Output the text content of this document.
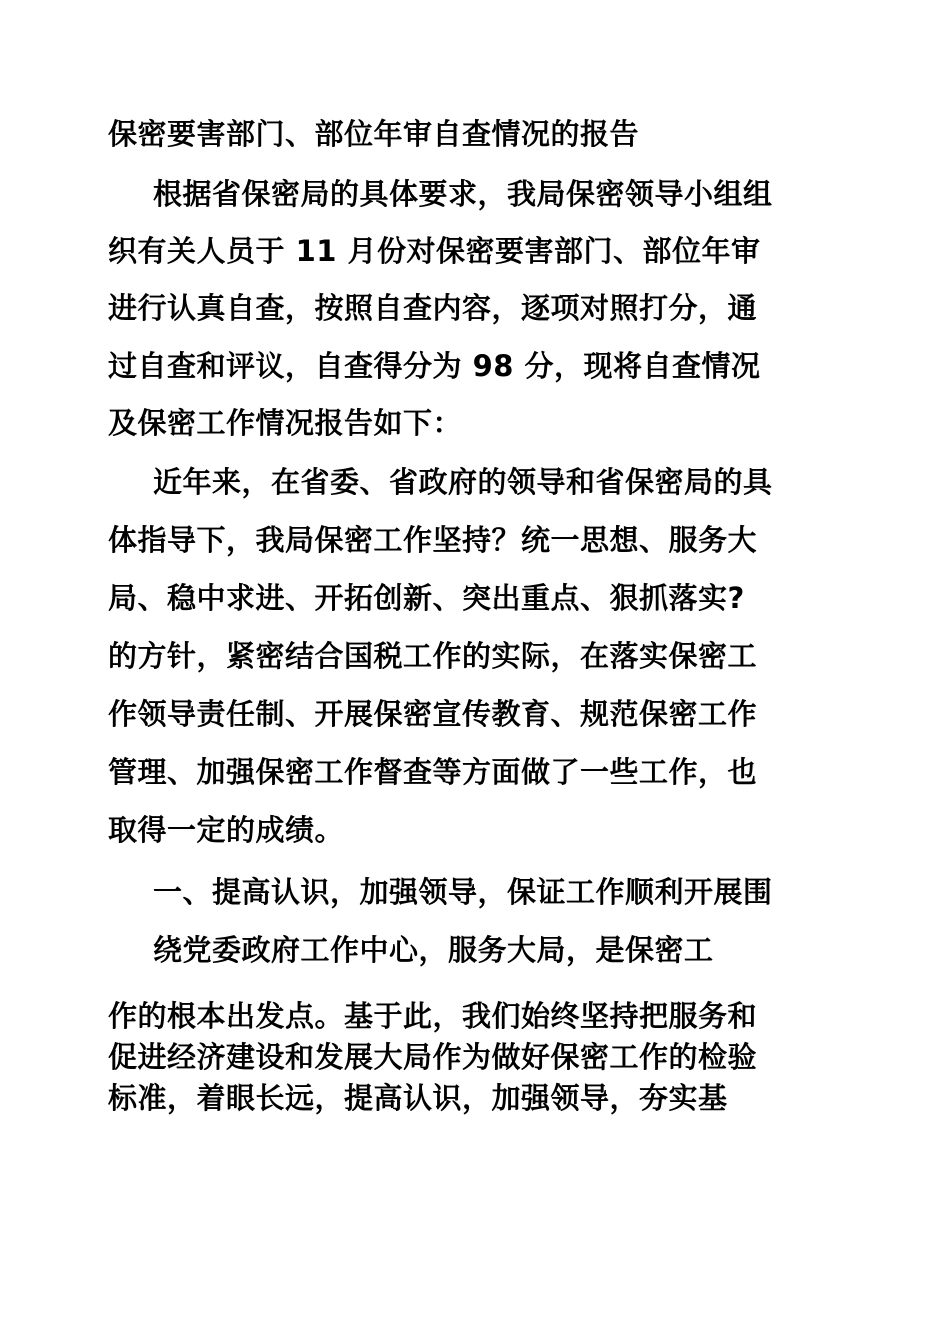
保密要害部门、部位年审自查情况的报告
根据省保密局的具体要求，我局保密领导小组组
织有关人员于 11 月份对保密要害部门、部位年审
进行认真自查，按照自查内容，逐项对照打分，通
过自查和评议，自查得分为 98 分，现将自查情况
及保密工作情况报告如下：
近年来，在省委、省政府的领导和省保密局的具
体指导下，我局保密工作坚持？统一思想、服务大
局、稳中求进、开拓创新、突出重点、狠抓落实?
的方针，紧密结合国税工作的实际，在落实保密工
作领导责任制、开展保密宣传教育、规范保密工作
管理、加强保密工作督查等方面做了一些工作，也
取得一定的成绩。
一、提高认识，加强领导，保证工作顺利开展围
绕党委政府工作中心，服务大局，是保密工
作的根本出发点。基于此，我们始终坚持把服务和
促进经济建设和发展大局作为做好保密工作的检验
标准，着眼长远，提高认识，加强领导，夯实基
